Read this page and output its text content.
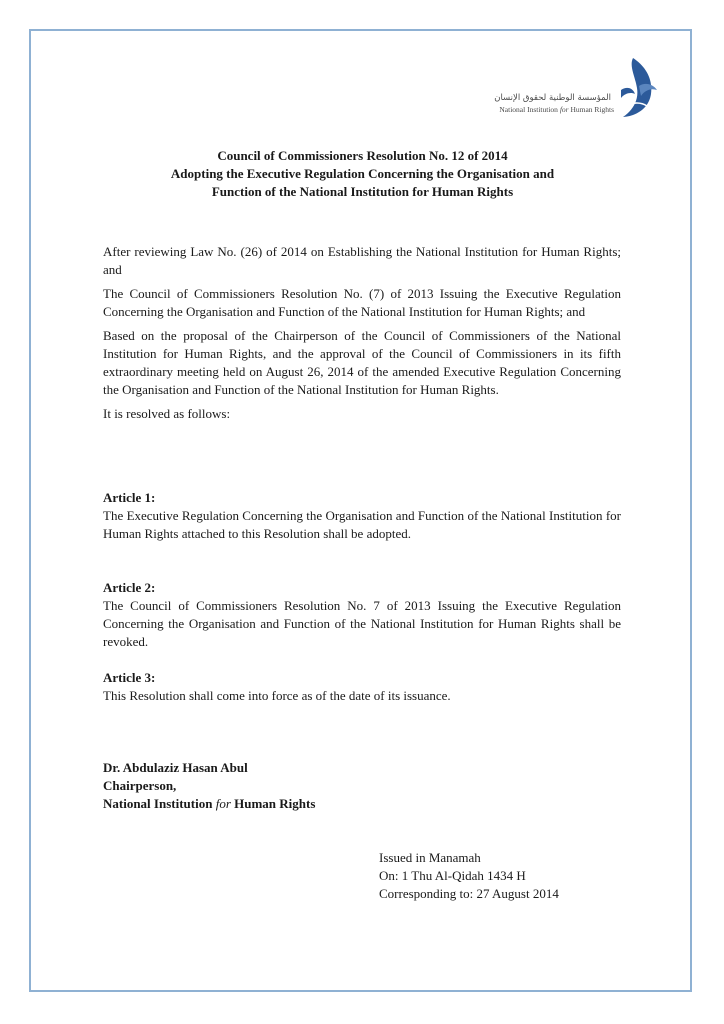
المؤسسة الوطنية لحقوق الإنسان
National Institution for Human Rights
Council of Commissioners Resolution No. 12 of 2014
Adopting the Executive Regulation Concerning the Organisation and
Function of the National Institution for Human Rights

After reviewing Law No. (26) of 2014 on Establishing the National Institution for Human Rights; and

The Council of Commissioners Resolution No. (7) of 2013 Issuing the Executive Regulation Concerning the Organisation and Function of the National Institution for Human Rights; and

Based on the proposal of the Chairperson of the Council of Commissioners of the National Institution for Human Rights, and the approval of the Council of Commissioners in its fifth extraordinary meeting held on August 26, 2014 of the amended Executive Regulation Concerning the Organisation and Function of the National Institution for Human Rights.

It is resolved as follows:

Article 1:

The Executive Regulation Concerning the Organisation and Function of the National Institution for Human Rights attached to this Resolution shall be adopted.

Article 2:

The Council of Commissioners Resolution No. 7 of 2013 Issuing the Executive Regulation Concerning the Organisation and Function of the National Institution for Human Rights shall be revoked.

Article 3:

This Resolution shall come into force as of the date of its issuance.

Dr. Abdulaziz Hasan Abul
Chairperson,
National Institution for Human Rights
Issued in Manamah
On: 1 Thu Al-Qidah 1434 H
Corresponding to: 27 August 2014
